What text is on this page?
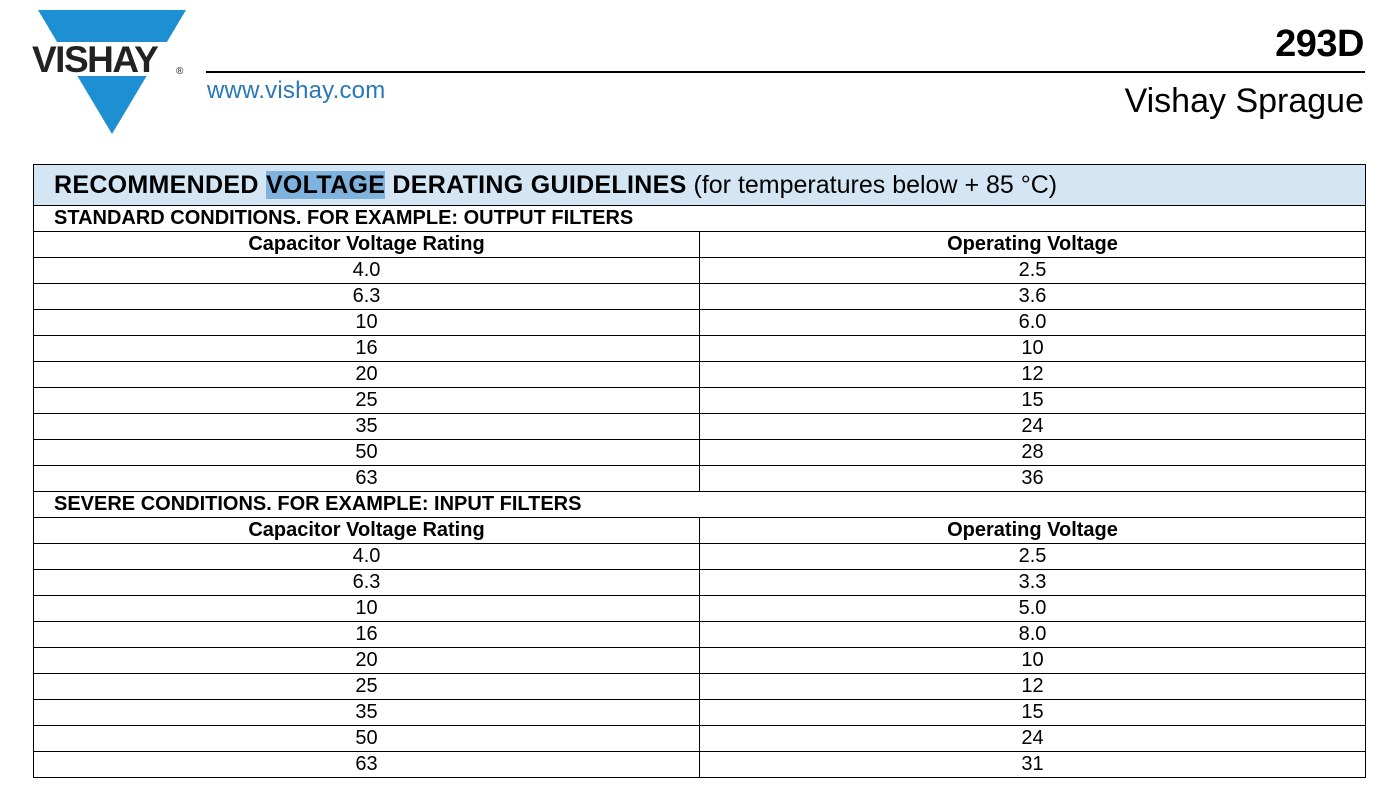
VISHAY ®
www.vishay.com
293D
Vishay Sprague
RECOMMENDED VOLTAGE DERATING GUIDELINES (for temperatures below + 85 °C)	
STANDARD CONDITIONS. FOR EXAMPLE: OUTPUT FILTERS	
Capacitor Voltage Rating	Operating Voltage
4.0	2.5
6.3	3.6
10	6.0
16	10
20	12
25	15
35	24
50	28
63	36
SEVERE CONDITIONS. FOR EXAMPLE: INPUT FILTERS	
Capacitor Voltage Rating	Operating Voltage
4.0	2.5
6.3	3.3
10	5.0
16	8.0
20	10
25	12
35	15
50	24
63	31
